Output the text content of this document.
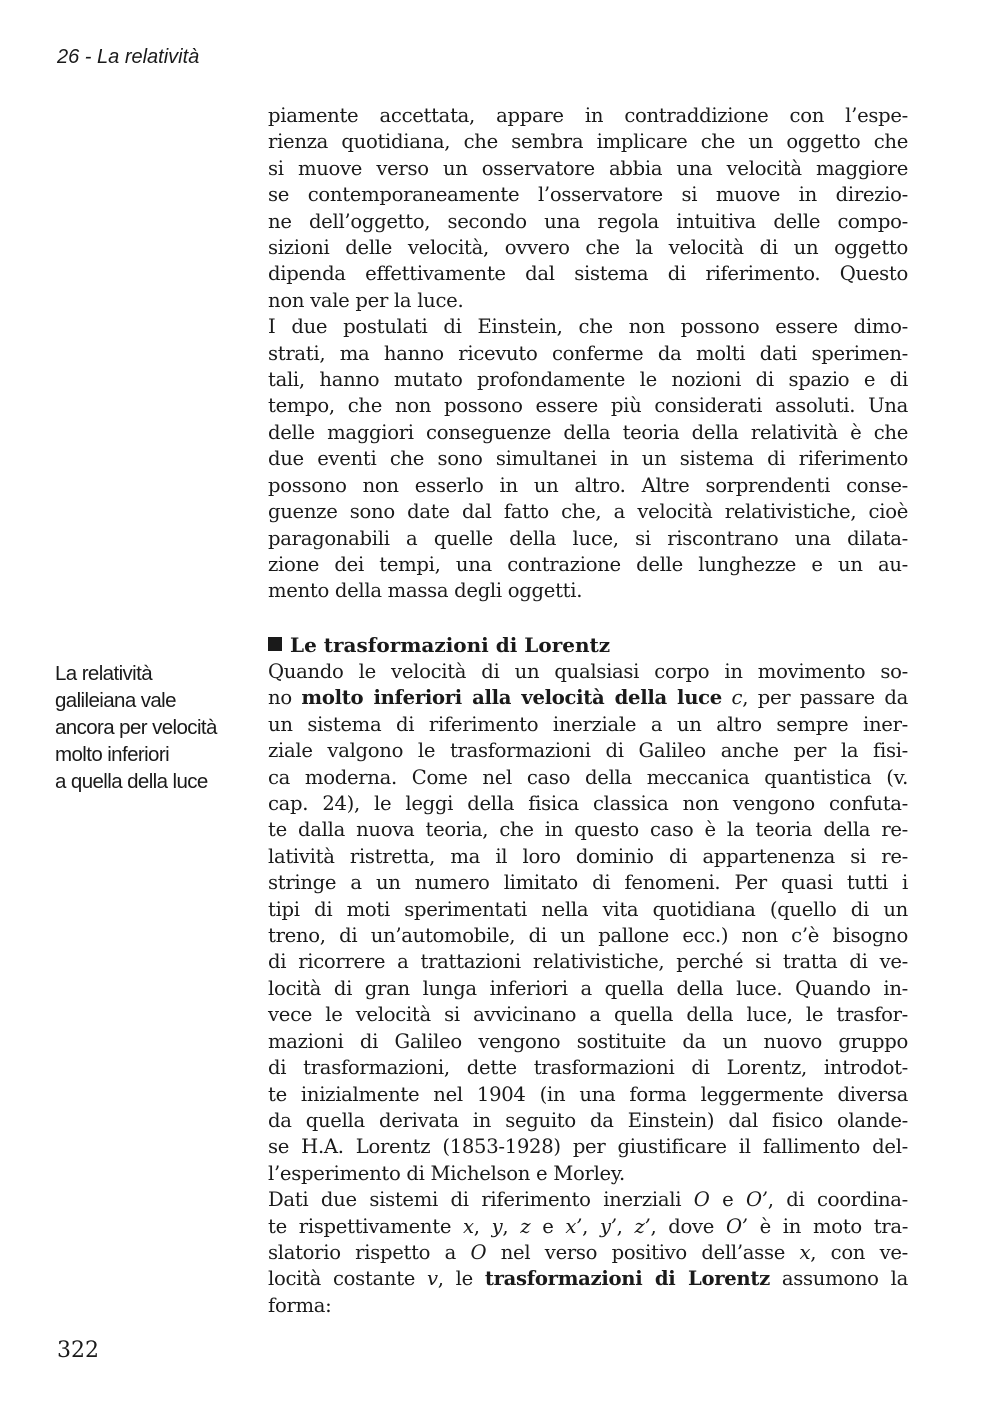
26 - La relatività
La relatività
galileiana vale
ancora per velocità
molto inferiori
a quella della luce
piamente accettata, appare in contraddizione con l’espe-
rienza quotidiana, che sembra implicare che un oggetto che
si muove verso un osservatore abbia una velocità maggiore
se contemporaneamente l’osservatore si muove in direzio-
ne dell’oggetto, secondo una regola intuitiva delle compo-
sizioni delle velocità, ovvero che la velocità di un oggetto
dipenda effettivamente dal sistema di riferimento. Questo
non vale per la luce.
I due postulati di Einstein, che non possono essere dimo-
strati, ma hanno ricevuto conferme da molti dati sperimen-
tali, hanno mutato profondamente le nozioni di spazio e di
tempo, che non possono essere più considerati assoluti. Una
delle maggiori conseguenze della teoria della relatività è che
due eventi che sono simultanei in un sistema di riferimento
possono non esserlo in un altro. Altre sorprendenti conse-
guenze sono date dal fatto che, a velocità relativistiche, cioè
paragonabili a quelle della luce, si riscontrano una dilata-
zione dei tempi, una contrazione delle lunghezze e un au-
mento della massa degli oggetti.
Le trasformazioni di Lorentz
Quando le velocità di un qualsiasi corpo in movimento so-
no molto inferiori alla velocità della luce c, per passare da
un sistema di riferimento inerziale a un altro sempre iner-
ziale valgono le trasformazioni di Galileo anche per la fisi-
ca moderna. Come nel caso della meccanica quantistica (v.
cap. 24), le leggi della fisica classica non vengono confuta-
te dalla nuova teoria, che in questo caso è la teoria della re-
latività ristretta, ma il loro dominio di appartenenza si re-
stringe a un numero limitato di fenomeni. Per quasi tutti i
tipi di moti sperimentati nella vita quotidiana (quello di un
treno, di un’automobile, di un pallone ecc.) non c’è bisogno
di ricorrere a trattazioni relativistiche, perché si tratta di ve-
locità di gran lunga inferiori a quella della luce. Quando in-
vece le velocità si avvicinano a quella della luce, le trasfor-
mazioni di Galileo vengono sostituite da un nuovo gruppo
di trasformazioni, dette trasformazioni di Lorentz, introdot-
te inizialmente nel 1904 (in una forma leggermente diversa
da quella derivata in seguito da Einstein) dal fisico olande-
se H.A. Lorentz (1853-1928) per giustificare il fallimento del-
l’esperimento di Michelson e Morley.
Dati due sistemi di riferimento inerziali O e O’, di coordina-
te rispettivamente x, y, z e x’, y’, z’, dove O’ è in moto tra-
slatorio rispetto a O nel verso positivo dell’asse x, con ve-
locità costante v, le trasformazioni di Lorentz assumono la
forma:
322
